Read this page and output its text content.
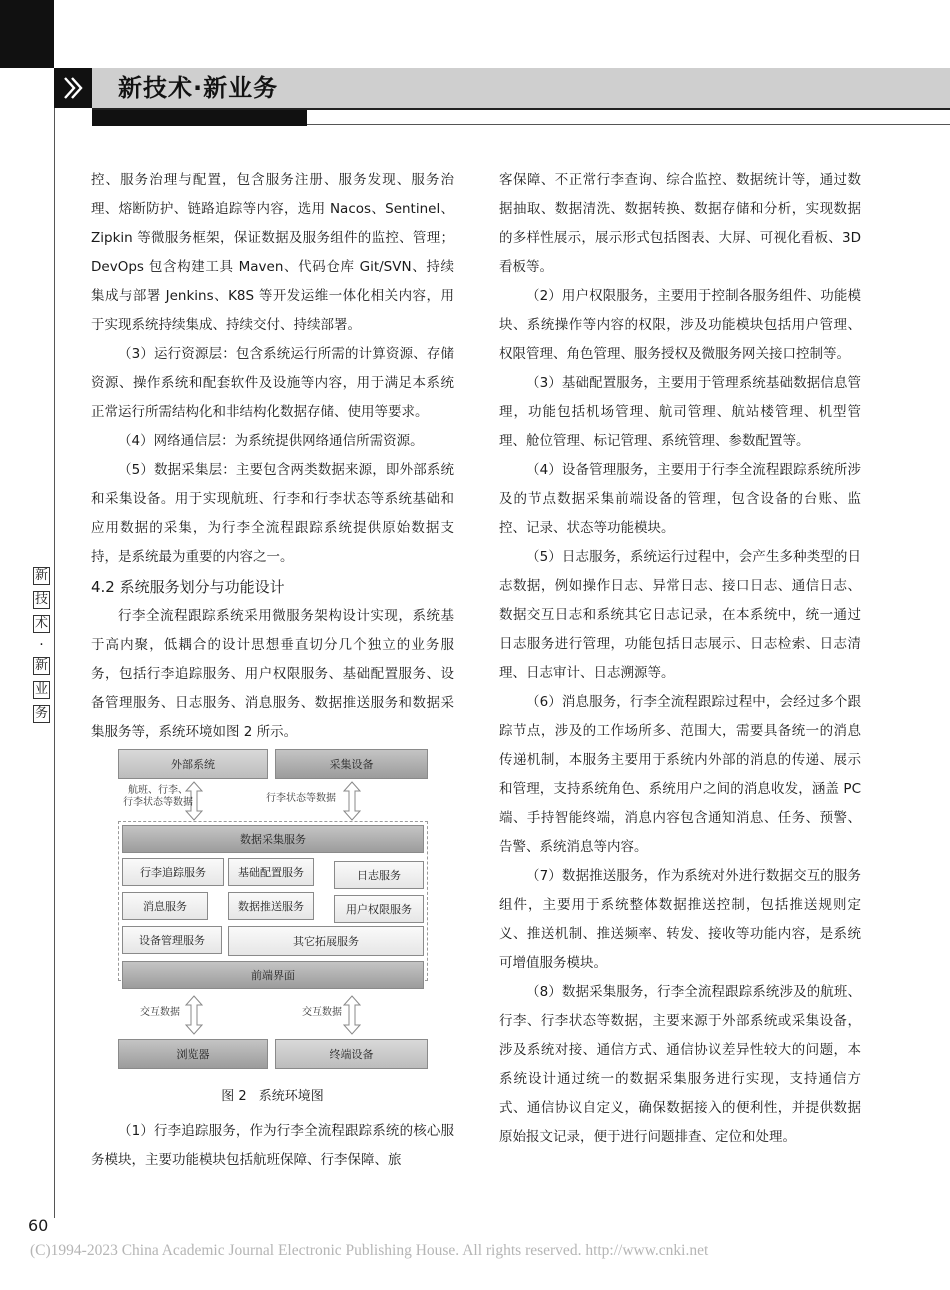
新技术·新业务
新
技
术
·
新
业
务

控、服务治理与配置，包含服务注册、服务发现、服务治理、熔断防护、链路追踪等内容，选用 Nacos、Sentinel、Zipkin 等微服务框架，保证数据及服务组件的监控、管理；DevOps 包含构建工具 Maven、代码仓库 Git/SVN、持续集成与部署 Jenkins、K8S 等开发运维一体化相关内容，用于实现系统持续集成、持续交付、持续部署。

（3）运行资源层：包含系统运行所需的计算资源、存储资源、操作系统和配套软件及设施等内容，用于满足本系统正常运行所需结构化和非结构化数据存储、使用等要求。

（4）网络通信层：为系统提供网络通信所需资源。

（5）数据采集层：主要包含两类数据来源，即外部系统和采集设备。用于实现航班、行李和行李状态等系统基础和应用数据的采集，为行李全流程跟踪系统提供原始数据支持，是系统最为重要的内容之一。

4.2 系统服务划分与功能设计

行李全流程跟踪系统采用微服务架构设计实现，系统基于高内聚，低耦合的设计思想垂直切分几个独立的业务服务，包括行李追踪服务、用户权限服务、基础配置服务、设备管理服务、日志服务、消息服务、数据推送服务和数据采集服务等，系统环境如图 2 所示。

外部系统	采集设备
航班、行李、
行李状态等数据	行李状态等数据
数据采集服务
行李追踪服务	基础配置服务	日志服务
消息服务	数据推送服务	用户权限服务
设备管理服务	其它拓展服务
前端界面
交互数据	交互数据
浏览器	终端设备
图 2 系统环境图

（1）行李追踪服务，作为行李全流程跟踪系统的核心服务模块，主要功能模块包括航班保障、行李保障、旅

客保障、不正常行李查询、综合监控、数据统计等，通过数据抽取、数据清洗、数据转换、数据存储和分析，实现数据的多样性展示，展示形式包括图表、大屏、可视化看板、3D 看板等。

（2）用户权限服务，主要用于控制各服务组件、功能模块、系统操作等内容的权限，涉及功能模块包括用户管理、权限管理、角色管理、服务授权及微服务网关接口控制等。

（3）基础配置服务，主要用于管理系统基础数据信息管理，功能包括机场管理、航司管理、航站楼管理、机型管理、舱位管理、标记管理、系统管理、参数配置等。

（4）设备管理服务，主要用于行李全流程跟踪系统所涉及的节点数据采集前端设备的管理，包含设备的台账、监控、记录、状态等功能模块。

（5）日志服务，系统运行过程中，会产生多种类型的日志数据，例如操作日志、异常日志、接口日志、通信日志、数据交互日志和系统其它日志记录，在本系统中，统一通过日志服务进行管理，功能包括日志展示、日志检索、日志清理、日志审计、日志溯源等。

（6）消息服务，行李全流程跟踪过程中，会经过多个跟踪节点，涉及的工作场所多、范围大，需要具备统一的消息传递机制，本服务主要用于系统内外部的消息的传递、展示和管理，支持系统角色、系统用户之间的消息收发，涵盖 PC 端、手持智能终端，消息内容包含通知消息、任务、预警、告警、系统消息等内容。

（7）数据推送服务，作为系统对外进行数据交互的服务组件，主要用于系统整体数据推送控制，包括推送规则定义、推送机制、推送频率、转发、接收等功能内容，是系统可增值服务模块。

（8）数据采集服务，行李全流程跟踪系统涉及的航班、行李、行李状态等数据，主要来源于外部系统或采集设备，涉及系统对接、通信方式、通信协议差异性较大的问题，本系统设计通过统一的数据采集服务进行实现，支持通信方式、通信协议自定义，确保数据接入的便利性，并提供数据原始报文记录，便于进行问题排查、定位和处理。

60
(C)1994-2023 China Academic Journal Electronic Publishing House. All rights reserved. http://www.cnki.net
